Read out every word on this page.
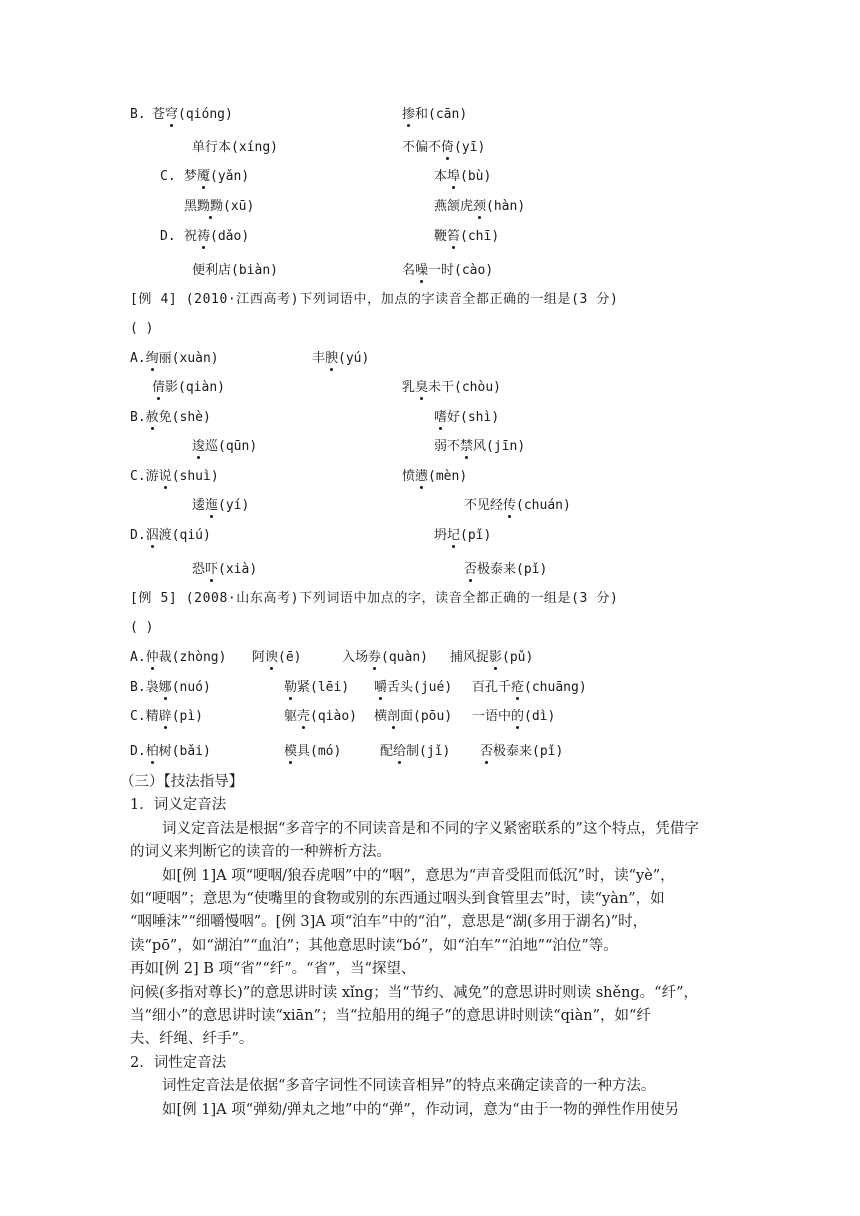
B. 苍穹(qióng)	掺和(cān)
单行本(xíng)	不偏不倚(yī)
C. 梦魇(yǎn)	本埠(bù)
黑黝黝(xū)	燕颔虎颈(hàn)
D. 祝祷(dǎo)	鞭笞(chī)
便利店(biàn)	名噪一时(cào)
[例 4] (2010·江西高考)下列词语中，加点的字读音全都正确的一组是(3 分)
( )
A.绚丽(xuàn)	丰腴(yú)
倩影(qiàn)	乳臭未干(chòu)
B.赦免(shè)	嗜好(shì)
逡巡(qūn)	弱不禁风(jīn)
C.游说(shuì)	愤懑(mèn)
逶迤(yí)	不见经传(chuán)
D.泅渡(qiú)	坍圮(pǐ)
恐吓(xià)	否极泰来(pǐ)
[例 5] (2008·山东高考)下列词语中加点的字，读音全都正确的一组是(3 分)
( )
A.仲裁(zhòng) 阿谀(ē)	入场券(quàn) 捕风捉影(pǔ)
B.袅娜(nuó)	勒紧(lēi) 嚼舌头(jué) 百孔千疮(chuāng)
C.精辟(pì)	躯壳(qiào) 横剖面(pōu) 一语中的(dì)
D.柏树(bǎi)	模具(mó)	配给制(jǐ) 否极泰来(pǐ)
（三）【技法指导】
1．词义定音法
词义定音法是根据“多音字的不同读音是和不同的字义紧密联系的”这个特点，凭借字
的词义来判断它的读音的一种辨析方法。
如[例 1]A 项“哽咽/狼吞虎咽”中的“咽”，意思为“声音受阻而低沉”时，读“yè”，
如“哽咽”；意思为“使嘴里的食物或别的东西通过咽头到食管里去”时，读“yàn”，如
“咽唾沫”“细嚼慢咽”。[例 3]A 项“泊车”中的“泊”，意思是“湖(多用于湖名)”时，
读“pō”，如“湖泊”“血泊”；其他意思时读“bó”，如“泊车”“泊地”“泊位”等。
再如[例 2] B 项“省”“纤”。“省”，当“探望、
问候(多指对尊长)”的意思讲时读 xǐng；当“节约、减免”的意思讲时则读 shěng。“纤”，
当“细小”的意思讲时读“xiān”；当“拉船用的绳子”的意思讲时则读“qiàn”，如“纤
夫、纤绳、纤手”。
2．词性定音法
词性定音法是依据“多音字词性不同读音相异”的特点来确定读音的一种方法。
如[例 1]A 项“弹劾/弹丸之地”中的“弹”，作动词，意为“由于一物的弹性作用使另
